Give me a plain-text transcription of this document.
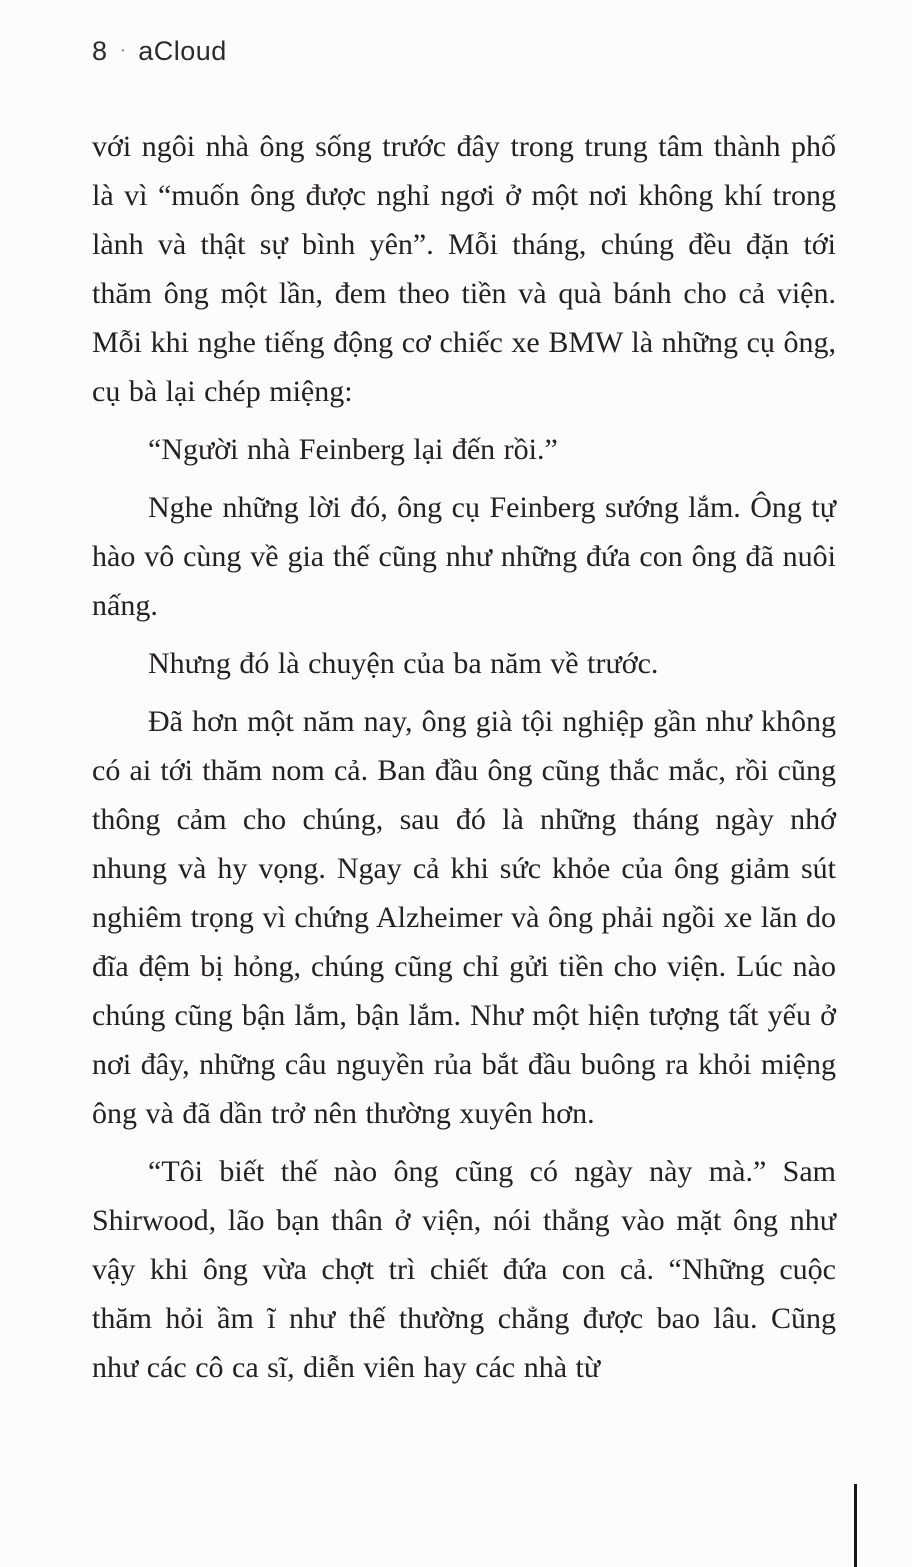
8 · aCloud

với ngôi nhà ông sống trước đây trong trung tâm thành phố là vì “muốn ông được nghỉ ngơi ở một nơi không khí trong lành và thật sự bình yên”. Mỗi tháng, chúng đều đặn tới thăm ông một lần, đem theo tiền và quà bánh cho cả viện. Mỗi khi nghe tiếng động cơ chiếc xe BMW là những cụ ông, cụ bà lại chép miệng:

“Người nhà Feinberg lại đến rồi.”

Nghe những lời đó, ông cụ Feinberg sướng lắm. Ông tự hào vô cùng về gia thế cũng như những đứa con ông đã nuôi nấng.

Nhưng đó là chuyện của ba năm về trước.

Đã hơn một năm nay, ông già tội nghiệp gần như không có ai tới thăm nom cả. Ban đầu ông cũng thắc mắc, rồi cũng thông cảm cho chúng, sau đó là những tháng ngày nhớ nhung và hy vọng. Ngay cả khi sức khỏe của ông giảm sút nghiêm trọng vì chứng Alzheimer và ông phải ngồi xe lăn do đĩa đệm bị hỏng, chúng cũng chỉ gửi tiền cho viện. Lúc nào chúng cũng bận lắm, bận lắm. Như một hiện tượng tất yếu ở nơi đây, những câu nguyền rủa bắt đầu buông ra khỏi miệng ông và đã dần trở nên thường xuyên hơn.

“Tôi biết thế nào ông cũng có ngày này mà.” Sam Shirwood, lão bạn thân ở viện, nói thẳng vào mặt ông như vậy khi ông vừa chợt trì chiết đứa con cả. “Những cuộc thăm hỏi ầm ĩ như thế thường chẳng được bao lâu. Cũng như các cô ca sĩ, diễn viên hay các nhà từ
